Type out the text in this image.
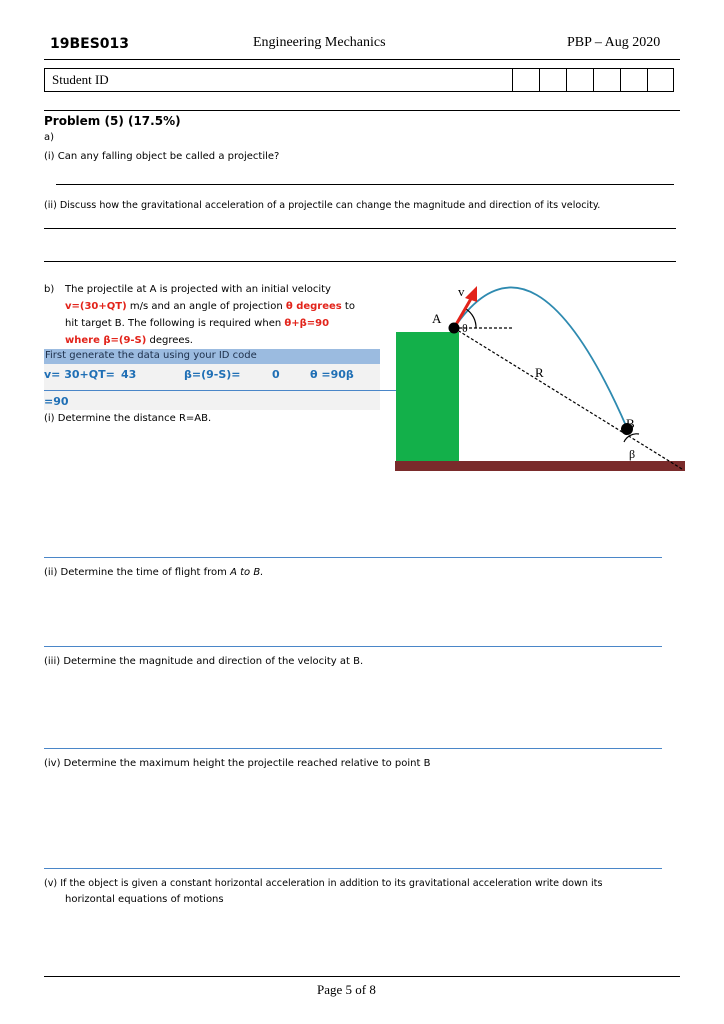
19BES013	Engineering Mechanics	PBP – Aug 2020
Student ID
Problem (5) (17.5%)
a)
(i) Can any falling object be called a projectile?
(ii) Discuss how the gravitational acceleration of a projectile can change the magnitude and direction of its velocity.
b) The projectile at A is projected with an initial velocity
v=(30+QT) m/s and an angle of projection θ degrees to
hit target B. The following is required when θ+β=90
where β=(9-S) degrees.
First generate the data using your ID code
v= 30+QT= 43	β=(9-S)=	0	θ =90β
=90
(i) Determine the distance R=AB.
v
A
θ
R
B
β
(ii) Determine the time of flight from A to B.
(iii) Determine the magnitude and direction of the velocity at B.
(iv) Determine the maximum height the projectile reached relative to point B
(v) If the object is given a constant horizontal acceleration in addition to its gravitational acceleration write down its
horizontal equations of motions
Page 5 of 8
